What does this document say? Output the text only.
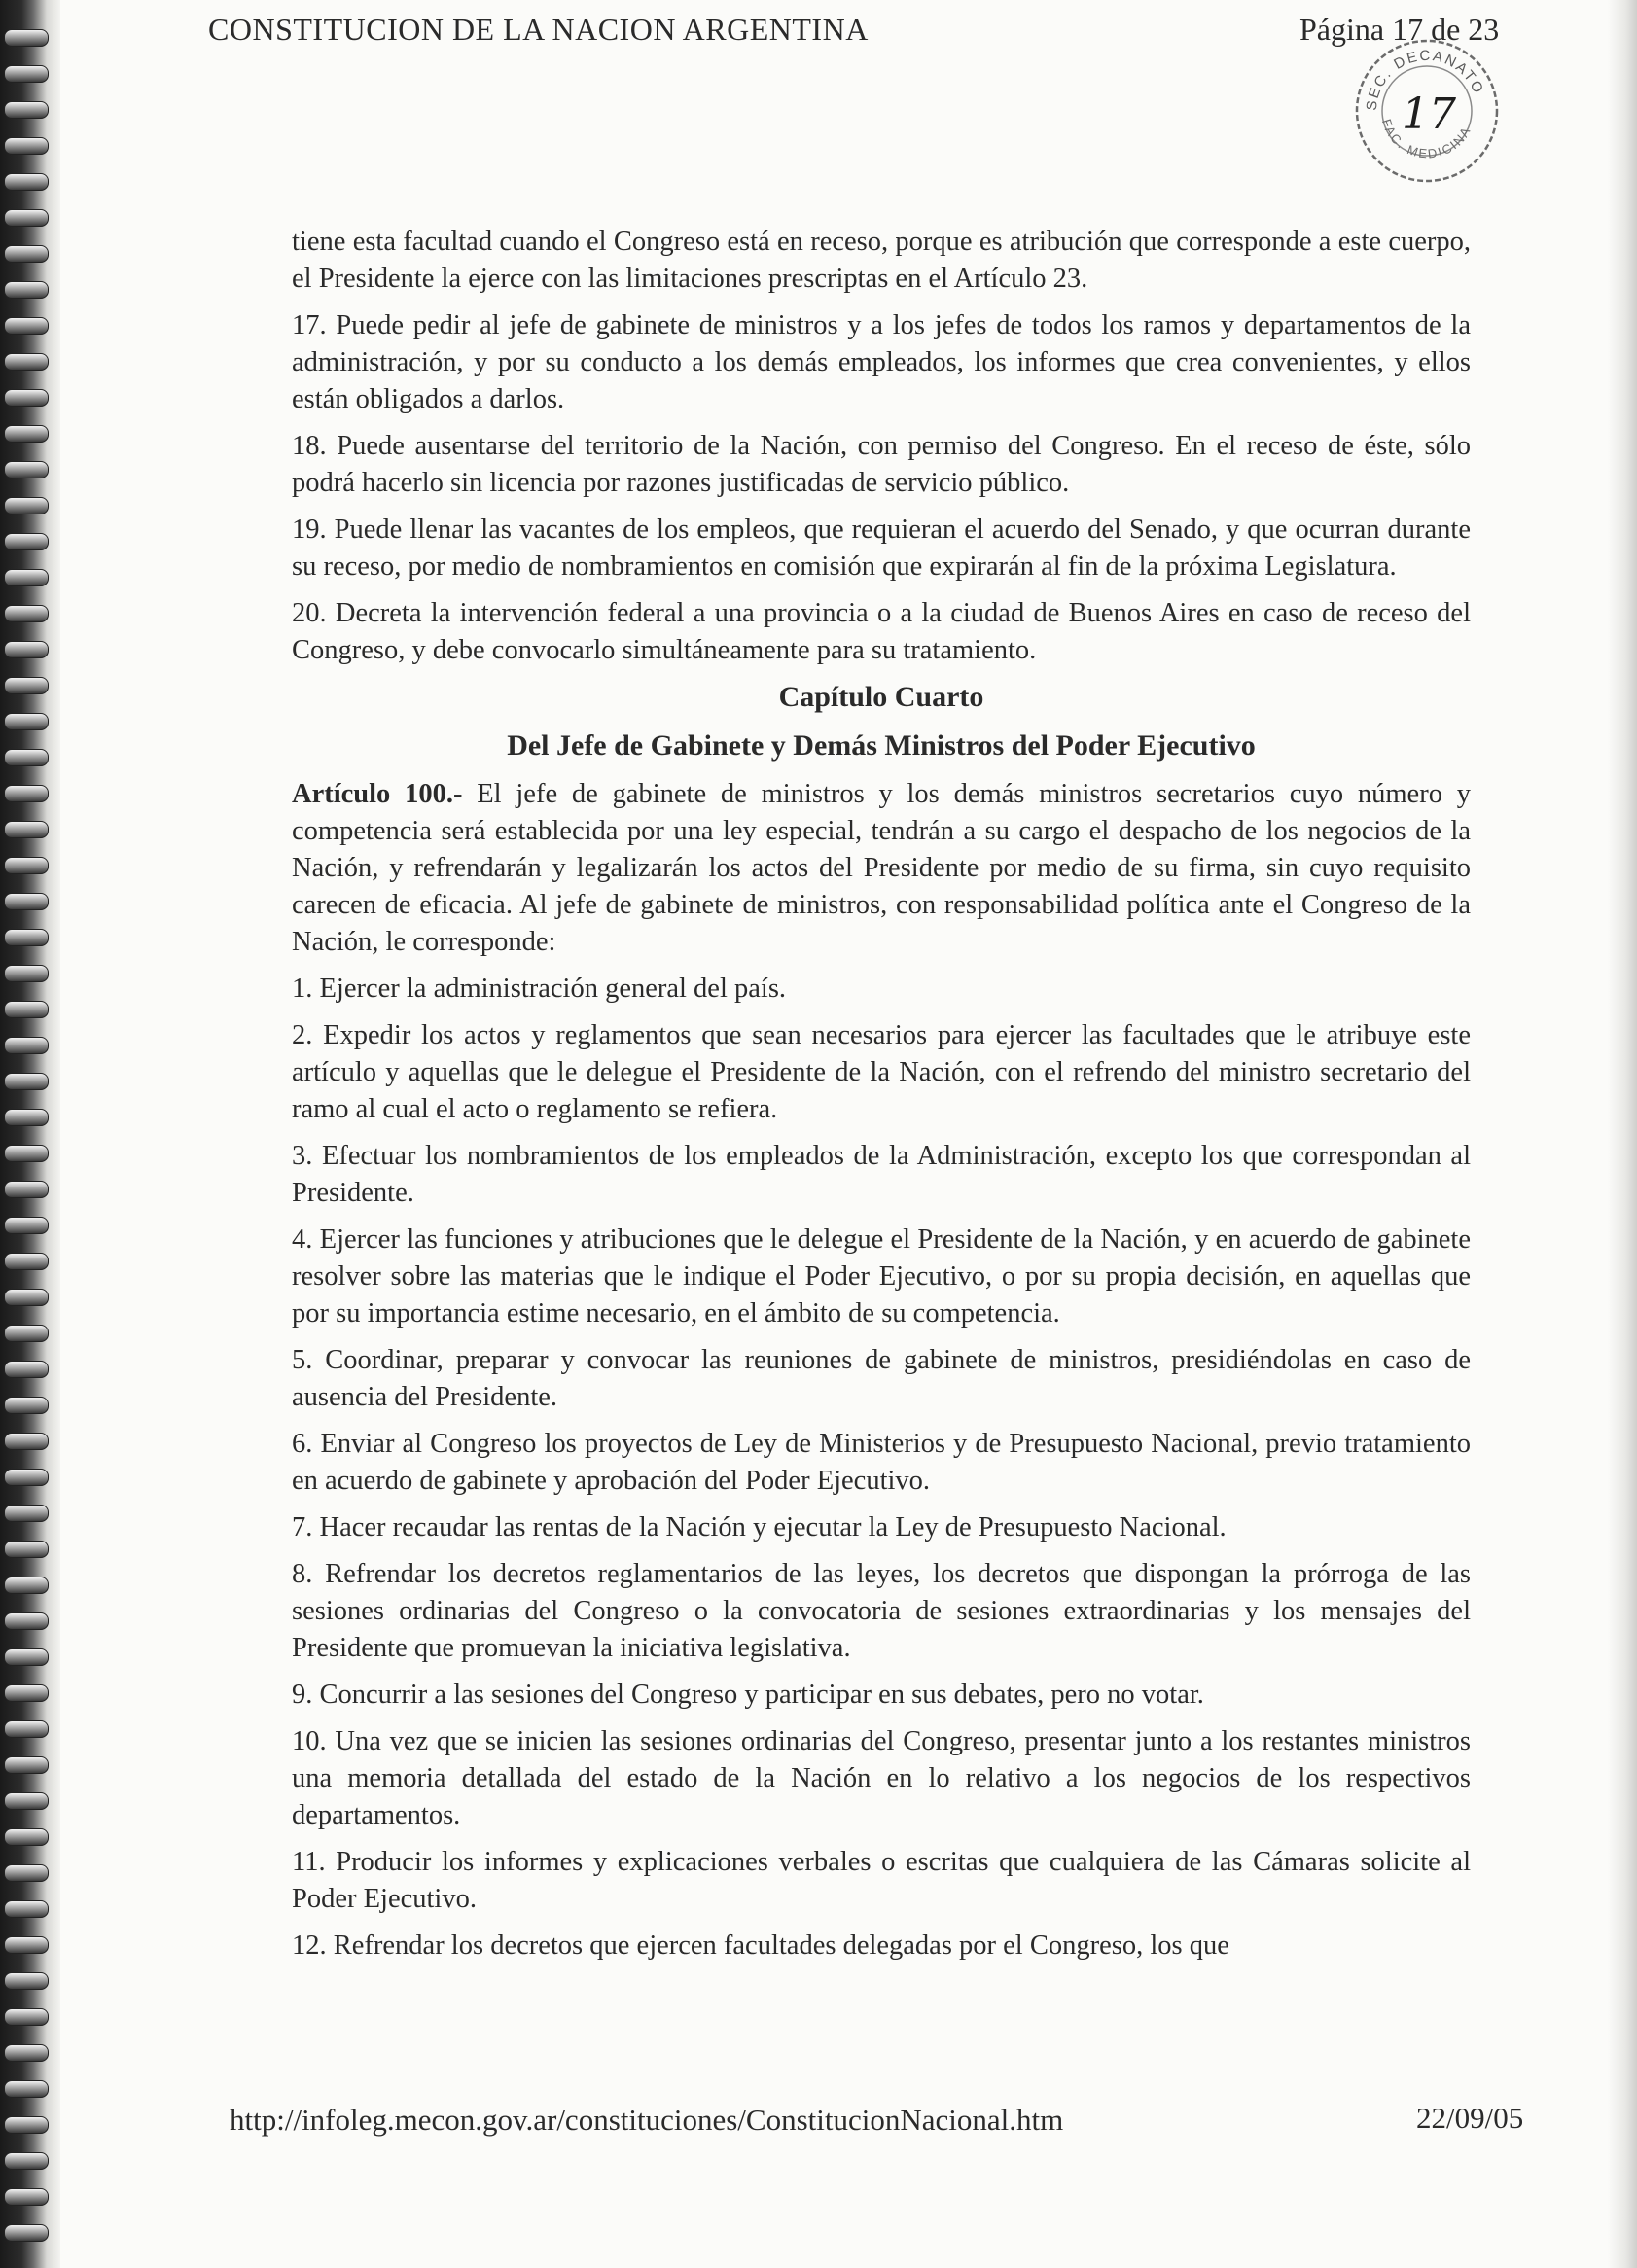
CONSTITUCION DE LA NACION ARGENTINA	Página 17 de 23
SEC. DECANATO
FAC. MEDICINA
17

tiene esta facultad cuando el Congreso está en receso, porque es atribución que corresponde a este cuerpo, el Presidente la ejerce con las limitaciones prescriptas en el Artículo 23.

17. Puede pedir al jefe de gabinete de ministros y a los jefes de todos los ramos y departamentos de la administración, y por su conducto a los demás empleados, los informes que crea convenientes, y ellos están obligados a darlos.

18. Puede ausentarse del territorio de la Nación, con permiso del Congreso. En el receso de éste, sólo podrá hacerlo sin licencia por razones justificadas de servicio público.

19. Puede llenar las vacantes de los empleos, que requieran el acuerdo del Senado, y que ocurran durante su receso, por medio de nombramientos en comisión que expirarán al fin de la próxima Legislatura.

20. Decreta la intervención federal a una provincia o a la ciudad de Buenos Aires en caso de receso del Congreso, y debe convocarlo simultáneamente para su tratamiento.

Capítulo Cuarto

Del Jefe de Gabinete y Demás Ministros del Poder Ejecutivo

Artículo 100.- El jefe de gabinete de ministros y los demás ministros secretarios cuyo número y competencia será establecida por una ley especial, tendrán a su cargo el despacho de los negocios de la Nación, y refrendarán y legalizarán los actos del Presidente por medio de su firma, sin cuyo requisito carecen de eficacia. Al jefe de gabinete de ministros, con responsabilidad política ante el Congreso de la Nación, le corresponde:

1. Ejercer la administración general del país.

2. Expedir los actos y reglamentos que sean necesarios para ejercer las facultades que le atribuye este artículo y aquellas que le delegue el Presidente de la Nación, con el refrendo del ministro secretario del ramo al cual el acto o reglamento se refiera.

3. Efectuar los nombramientos de los empleados de la Administración, excepto los que correspondan al Presidente.

4. Ejercer las funciones y atribuciones que le delegue el Presidente de la Nación, y en acuerdo de gabinete resolver sobre las materias que le indique el Poder Ejecutivo, o por su propia decisión, en aquellas que por su importancia estime necesario, en el ámbito de su competencia.

5. Coordinar, preparar y convocar las reuniones de gabinete de ministros, presidiéndolas en caso de ausencia del Presidente.

6. Enviar al Congreso los proyectos de Ley de Ministerios y de Presupuesto Nacional, previo tratamiento en acuerdo de gabinete y aprobación del Poder Ejecutivo.

7. Hacer recaudar las rentas de la Nación y ejecutar la Ley de Presupuesto Nacional.

8. Refrendar los decretos reglamentarios de las leyes, los decretos que dispongan la prórroga de las sesiones ordinarias del Congreso o la convocatoria de sesiones extraordinarias y los mensajes del Presidente que promuevan la iniciativa legislativa.

9. Concurrir a las sesiones del Congreso y participar en sus debates, pero no votar.

10. Una vez que se inicien las sesiones ordinarias del Congreso, presentar junto a los restantes ministros una memoria detallada del estado de la Nación en lo relativo a los negocios de los respectivos departamentos.

11. Producir los informes y explicaciones verbales o escritas que cualquiera de las Cámaras solicite al Poder Ejecutivo.

12. Refrendar los decretos que ejercen facultades delegadas por el Congreso, los que

http://infoleg.mecon.gov.ar/constituciones/ConstitucionNacional.htm	22/09/05
